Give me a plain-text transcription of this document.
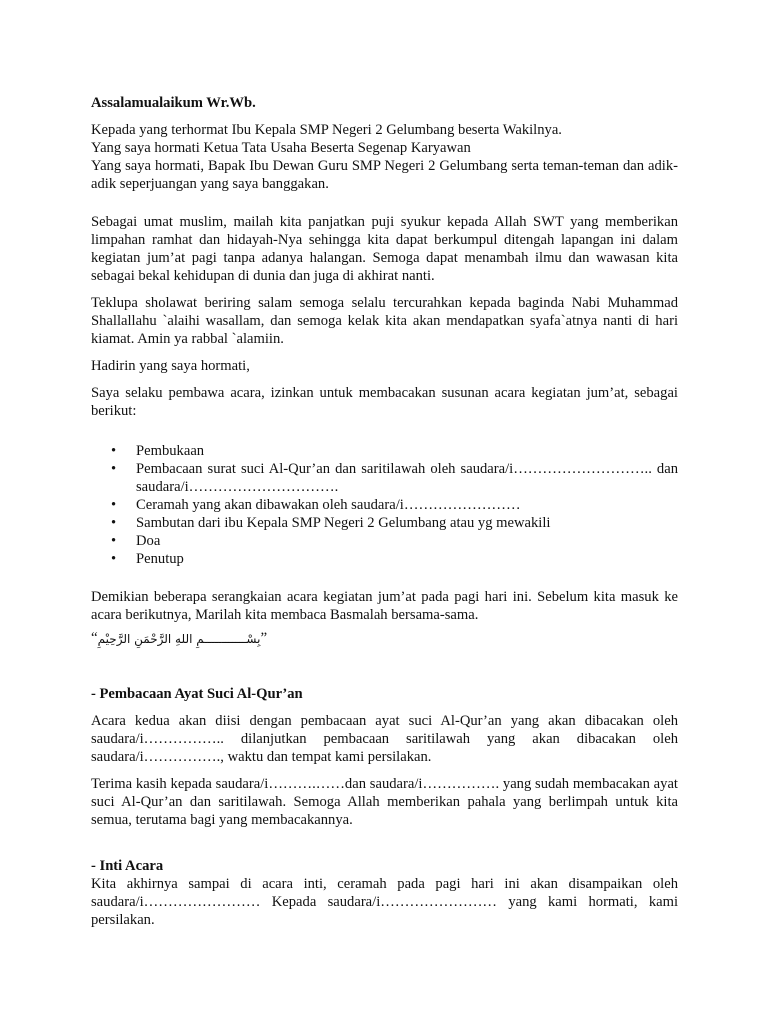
Assalamualaikum Wr.Wb.

Kepada yang terhormat Ibu Kepala SMP Negeri 2 Gelumbang beserta Wakilnya.

Yang saya hormati Ketua Tata Usaha Beserta Segenap Karyawan

Yang saya hormati, Bapak Ibu Dewan Guru SMP Negeri 2 Gelumbang serta teman-teman dan adik-adik seperjuangan yang saya banggakan.

Sebagai umat muslim, mailah kita panjatkan puji syukur kepada Allah SWT yang memberikan limpahan ramhat dan hidayah-Nya sehingga kita dapat berkumpul ditengah lapangan ini dalam kegiatan jum’at pagi tanpa adanya halangan. Semoga dapat menambah ilmu dan wawasan kita sebagai bekal kehidupan di dunia dan juga di akhirat nanti.

Teklupa sholawat beriring salam semoga selalu tercurahkan kepada baginda Nabi Muhammad Shallallahu `alaihi wasallam, dan semoga kelak kita akan mendapatkan syafa`atnya nanti di hari kiamat. Amin ya rabbal `alamiin.

Hadirin yang saya hormati,

Saya selaku pembawa acara, izinkan untuk membacakan susunan acara kegiatan jum’at, sebagai berikut:

• Pembukaan
• Pembacaan surat suci Al-Qur’an dan saritilawah oleh saudara/i……………………….. dan saudara/i………………………….
• Ceramah yang akan dibawakan oleh saudara/i……………………
• Sambutan dari ibu Kepala SMP Negeri 2 Gelumbang atau yg mewakili
• Doa
• Penutup

Demikian beberapa serangkaian acara kegiatan jum’at pada pagi hari ini. Sebelum kita masuk ke acara berikutnya, Marilah kita membaca Basmalah bersama-sama.

“بِسْــــــــــــمِ اللهِ الرَّحْمَنِ الرَّحِيْمِ”

- Pembacaan Ayat Suci Al-Qur’an

Acara kedua akan diisi dengan pembacaan ayat suci Al-Qur’an yang akan dibacakan oleh saudara/i…………….. dilanjutkan pembacaan saritilawah yang akan dibacakan oleh saudara/i……………., waktu dan tempat kami persilakan.

Terima kasih kepada saudara/i……….……dan saudara/i……………. yang sudah membacakan ayat suci Al-Qur’an dan saritilawah. Semoga Allah memberikan pahala yang berlimpah untuk kita semua, terutama bagi yang membacakannya.

- Inti Acara

Kita akhirnya sampai di acara inti, ceramah pada pagi hari ini akan disampaikan oleh saudara/i…………………… Kepada saudara/i…………………… yang kami hormati, kami persilakan.
